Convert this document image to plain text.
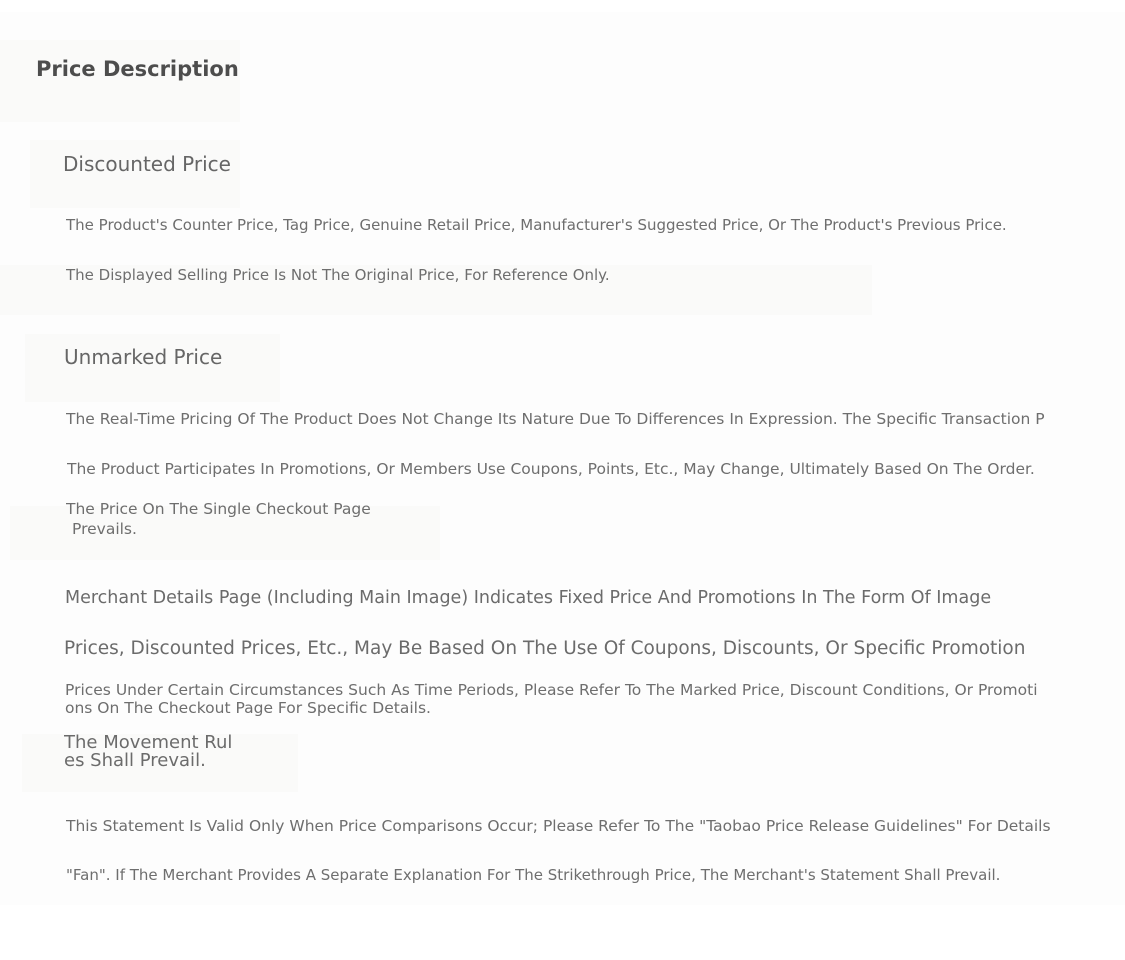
Price Description
Discounted Price
The Product's Counter Price, Tag Price, Genuine Retail Price, Manufacturer's Suggested Price, Or The Product's Previous Price.
The Displayed Selling Price Is Not The Original Price, For Reference Only.
Unmarked Price
The Real-Time Pricing Of The Product Does Not Change Its Nature Due To Differences In Expression. The Specific Transaction P
The Product Participates In Promotions, Or Members Use Coupons, Points, Etc., May Change, Ultimately Based On The Order.
The Price On The Single Checkout Page
Prevails.
Merchant Details Page (Including Main Image) Indicates Fixed Price And Promotions In The Form Of Image
Prices, Discounted Prices, Etc., May Be Based On The Use Of Coupons, Discounts, Or Specific Promotion
Prices Under Certain Circumstances Such As Time Periods, Please Refer To The Marked Price, Discount Conditions, Or Promoti
ons On The Checkout Page For Specific Details.
The Movement Rul
es Shall Prevail.
This Statement Is Valid Only When Price Comparisons Occur; Please Refer To The "Taobao Price Release Guidelines" For Details
"Fan". If The Merchant Provides A Separate Explanation For The Strikethrough Price, The Merchant's Statement Shall Prevail.
